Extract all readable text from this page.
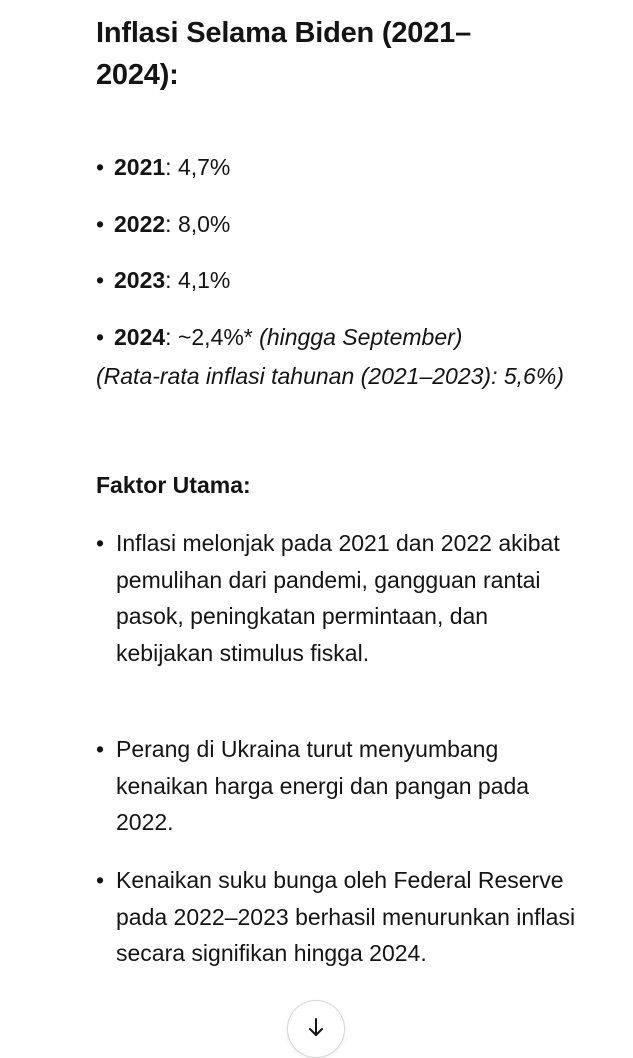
Inflasi Selama Biden (2021–2024):
• 2021: 4,7%
• 2022: 8,0%
• 2023: 4,1%
• 2024: ~2,4%* (hingga September)
(Rata-rata inflasi tahunan (2021–2023): 5,6%)
Faktor Utama:
• Inflasi melonjak pada 2021 dan 2022 akibat pemulihan dari pandemi, gangguan rantai pasok, peningkatan permintaan, dan kebijakan stimulus fiskal.
• Perang di Ukraina turut menyumbang kenaikan harga energi dan pangan pada 2022.
• Kenaikan suku bunga oleh Federal Reserve pada 2022–2023 berhasil menurunkan inflasi secara signifikan hingga 2024.
